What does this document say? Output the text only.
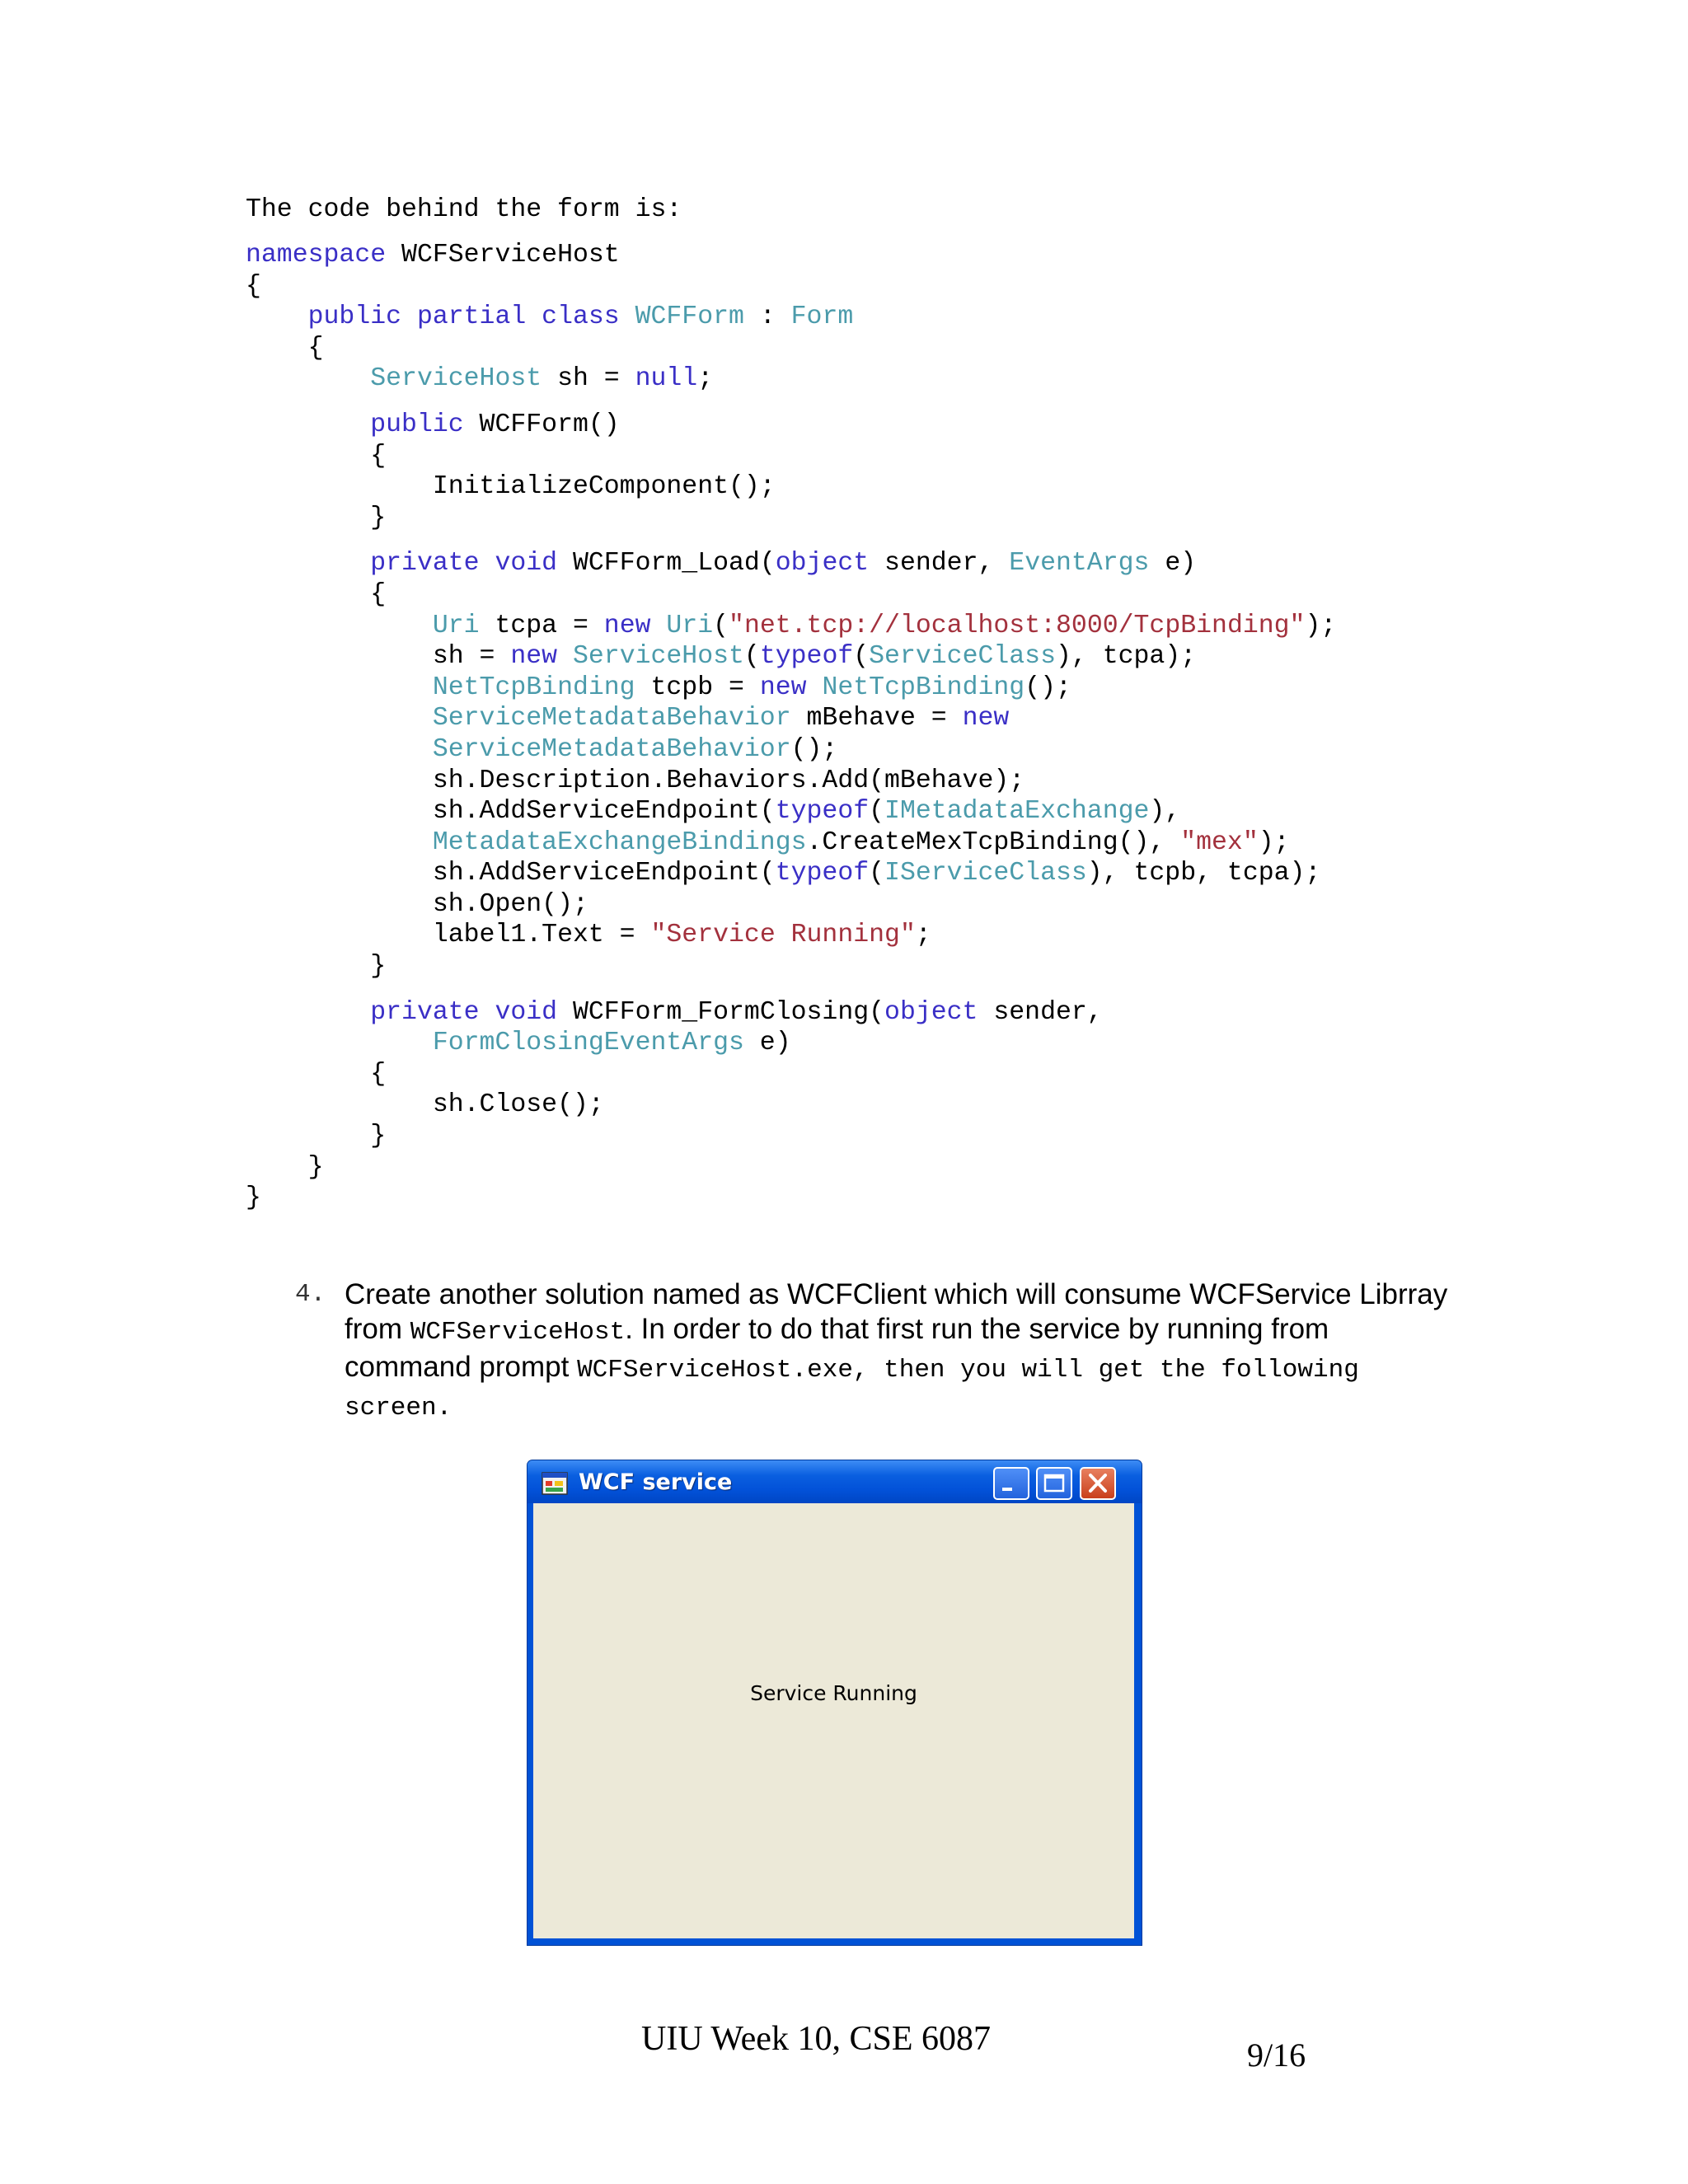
The code behind the form is:
namespace WCFServiceHost
{
public partial class WCFForm : Form
{
ServiceHost sh = null;

public WCFForm()
{
InitializeComponent();
}

private void WCFForm_Load(object sender, EventArgs e)
{
Uri tcpa = new Uri("net.tcp://localhost:8000/TcpBinding");
sh = new ServiceHost(typeof(ServiceClass), tcpa);
NetTcpBinding tcpb = new NetTcpBinding();
ServiceMetadataBehavior mBehave = new
ServiceMetadataBehavior();
sh.Description.Behaviors.Add(mBehave);
sh.AddServiceEndpoint(typeof(IMetadataExchange),
MetadataExchangeBindings.CreateMexTcpBinding(), "mex");
sh.AddServiceEndpoint(typeof(IServiceClass), tcpb, tcpa);
sh.Open();
label1.Text = "Service Running";
}

private void WCFForm_FormClosing(object sender,
FormClosingEventArgs e)
{
sh.Close();
}
}
}
4. Create another solution named as WCFClient which will consume WCFService Librray from WCFServiceHost. In order to do that first run the service by running from command prompt WCFServiceHost.exe, then you will get the following screen.
WCF service
Service Running
UIU Week 10, CSE 6087	9/16
